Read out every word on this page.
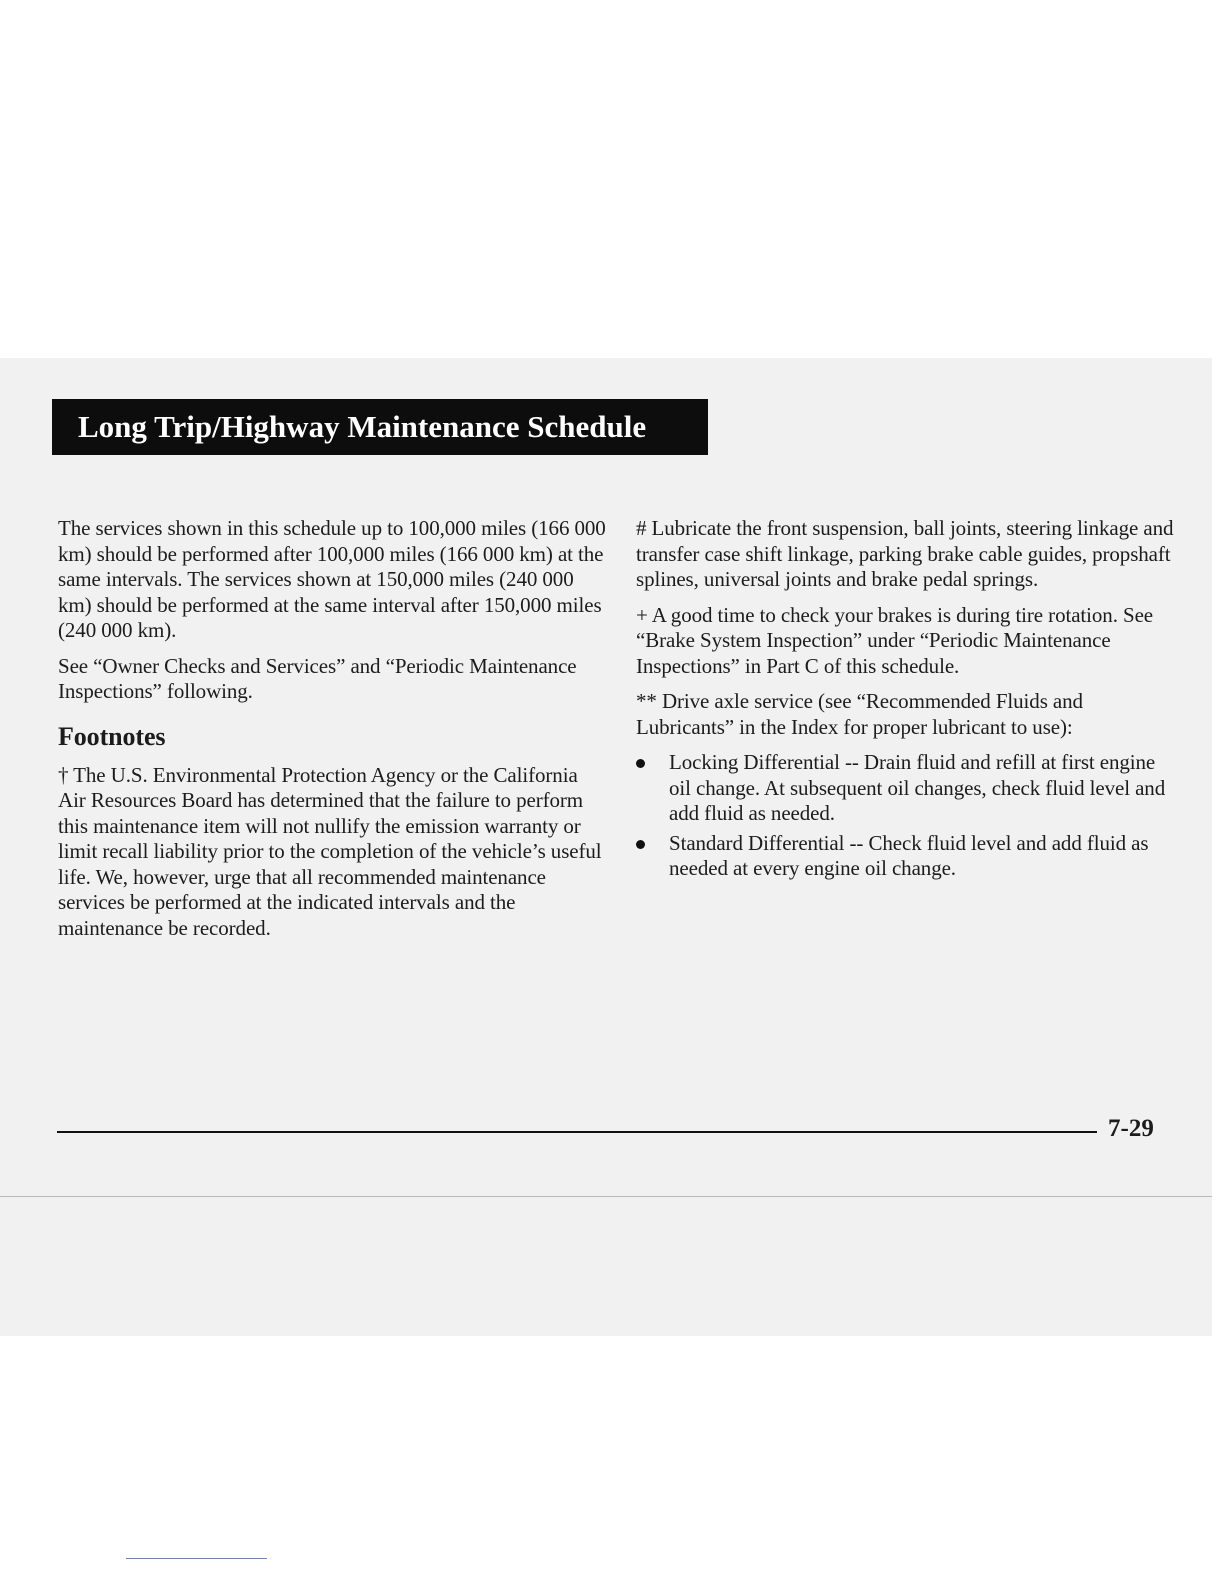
Long Trip/Highway Maintenance Schedule

The services shown in this schedule up to 100,000 miles (166 000 km) should be performed after 100,000 miles (166 000 km) at the same intervals. The services shown at 150,000 miles (240 000 km) should be performed at the same interval after 150,000 miles (240 000 km).

See “Owner Checks and Services” and “Periodic Maintenance Inspections” following.

Footnotes

† The U.S. Environmental Protection Agency or the California Air Resources Board has determined that the failure to perform this maintenance item will not nullify the emission warranty or limit recall liability prior to the completion of the vehicle’s useful life. We, however, urge that all recommended maintenance services be performed at the indicated intervals and the maintenance be recorded.

# Lubricate the front suspension, ball joints, steering linkage and transfer case shift linkage, parking brake cable guides, propshaft splines, universal joints and brake pedal springs.

+ A good time to check your brakes is during tire rotation. See “Brake System Inspection” under “Periodic Maintenance Inspections” in Part C of this schedule.

** Drive axle service (see “Recommended Fluids and Lubricants” in the Index for proper lubricant to use):

Locking Differential -- Drain fluid and refill at first engine oil change. At subsequent oil changes, check fluid level and add fluid as needed.
Standard Differential -- Check fluid level and add fluid as needed at every engine oil change.
7-29
